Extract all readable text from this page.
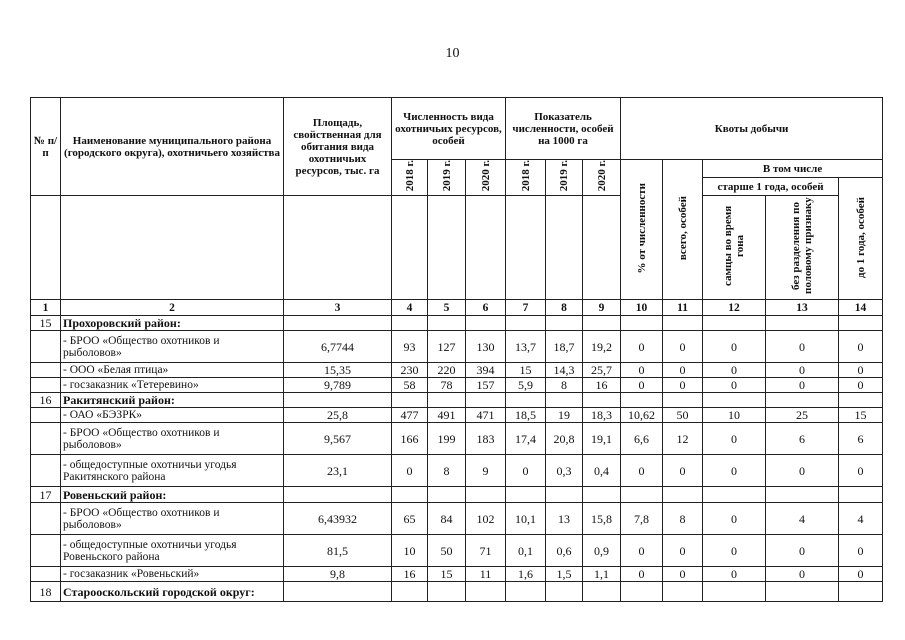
10
№ п/п	Наименование муниципального района (городского округа), охотничьего хозяйства	Площадь, свойственная для обитания вида охотничьих ресурсов, тыс. га	Численность вида охотничьих ресурсов, особей			Показатель численности, особей на 1000 га			Квоты добычи				
			2018 г.	2019 г.	2020 г.	2018 г.	2019 г.	2020 г.	% от численности	всего, особей	В том числе		
											старше 1 года, особей		до 1 года, особей
											самцы во время гона	без разделения по половому признаку	
1	2	3	4	5	6	7	8	9	10	11	12	13	14
15	Прохоровский район:												
	- БРОО «Общество охотников и рыболовов»	6,7744	93	127	130	13,7	18,7	19,2	0	0	0	0	0
	- ООО «Белая птица»	15,35	230	220	394	15	14,3	25,7	0	0	0	0	0
	- госзаказник «Тетеревино»	9,789	58	78	157	5,9	8	16	0	0	0	0	0
16	Ракитянский район:												
	- ОАО «БЭЗРК»	25,8	477	491	471	18,5	19	18,3	10,62	50	10	25	15
	- БРОО «Общество охотников и рыболовов»	9,567	166	199	183	17,4	20,8	19,1	6,6	12	0	6	6
	- общедоступные охотничьи угодья Ракитянского района	23,1	0	8	9	0	0,3	0,4	0	0	0	0	0
17	Ровеньский район:												
	- БРОО «Общество охотников и рыболовов»	6,43932	65	84	102	10,1	13	15,8	7,8	8	0	4	4
	- общедоступные охотничьи угодья Ровеньского района	81,5	10	50	71	0,1	0,6	0,9	0	0	0	0	0
	- госзаказник «Ровеньский»	9,8	16	15	11	1,6	1,5	1,1	0	0	0	0	0
18	Старооскольский городской округ:												
